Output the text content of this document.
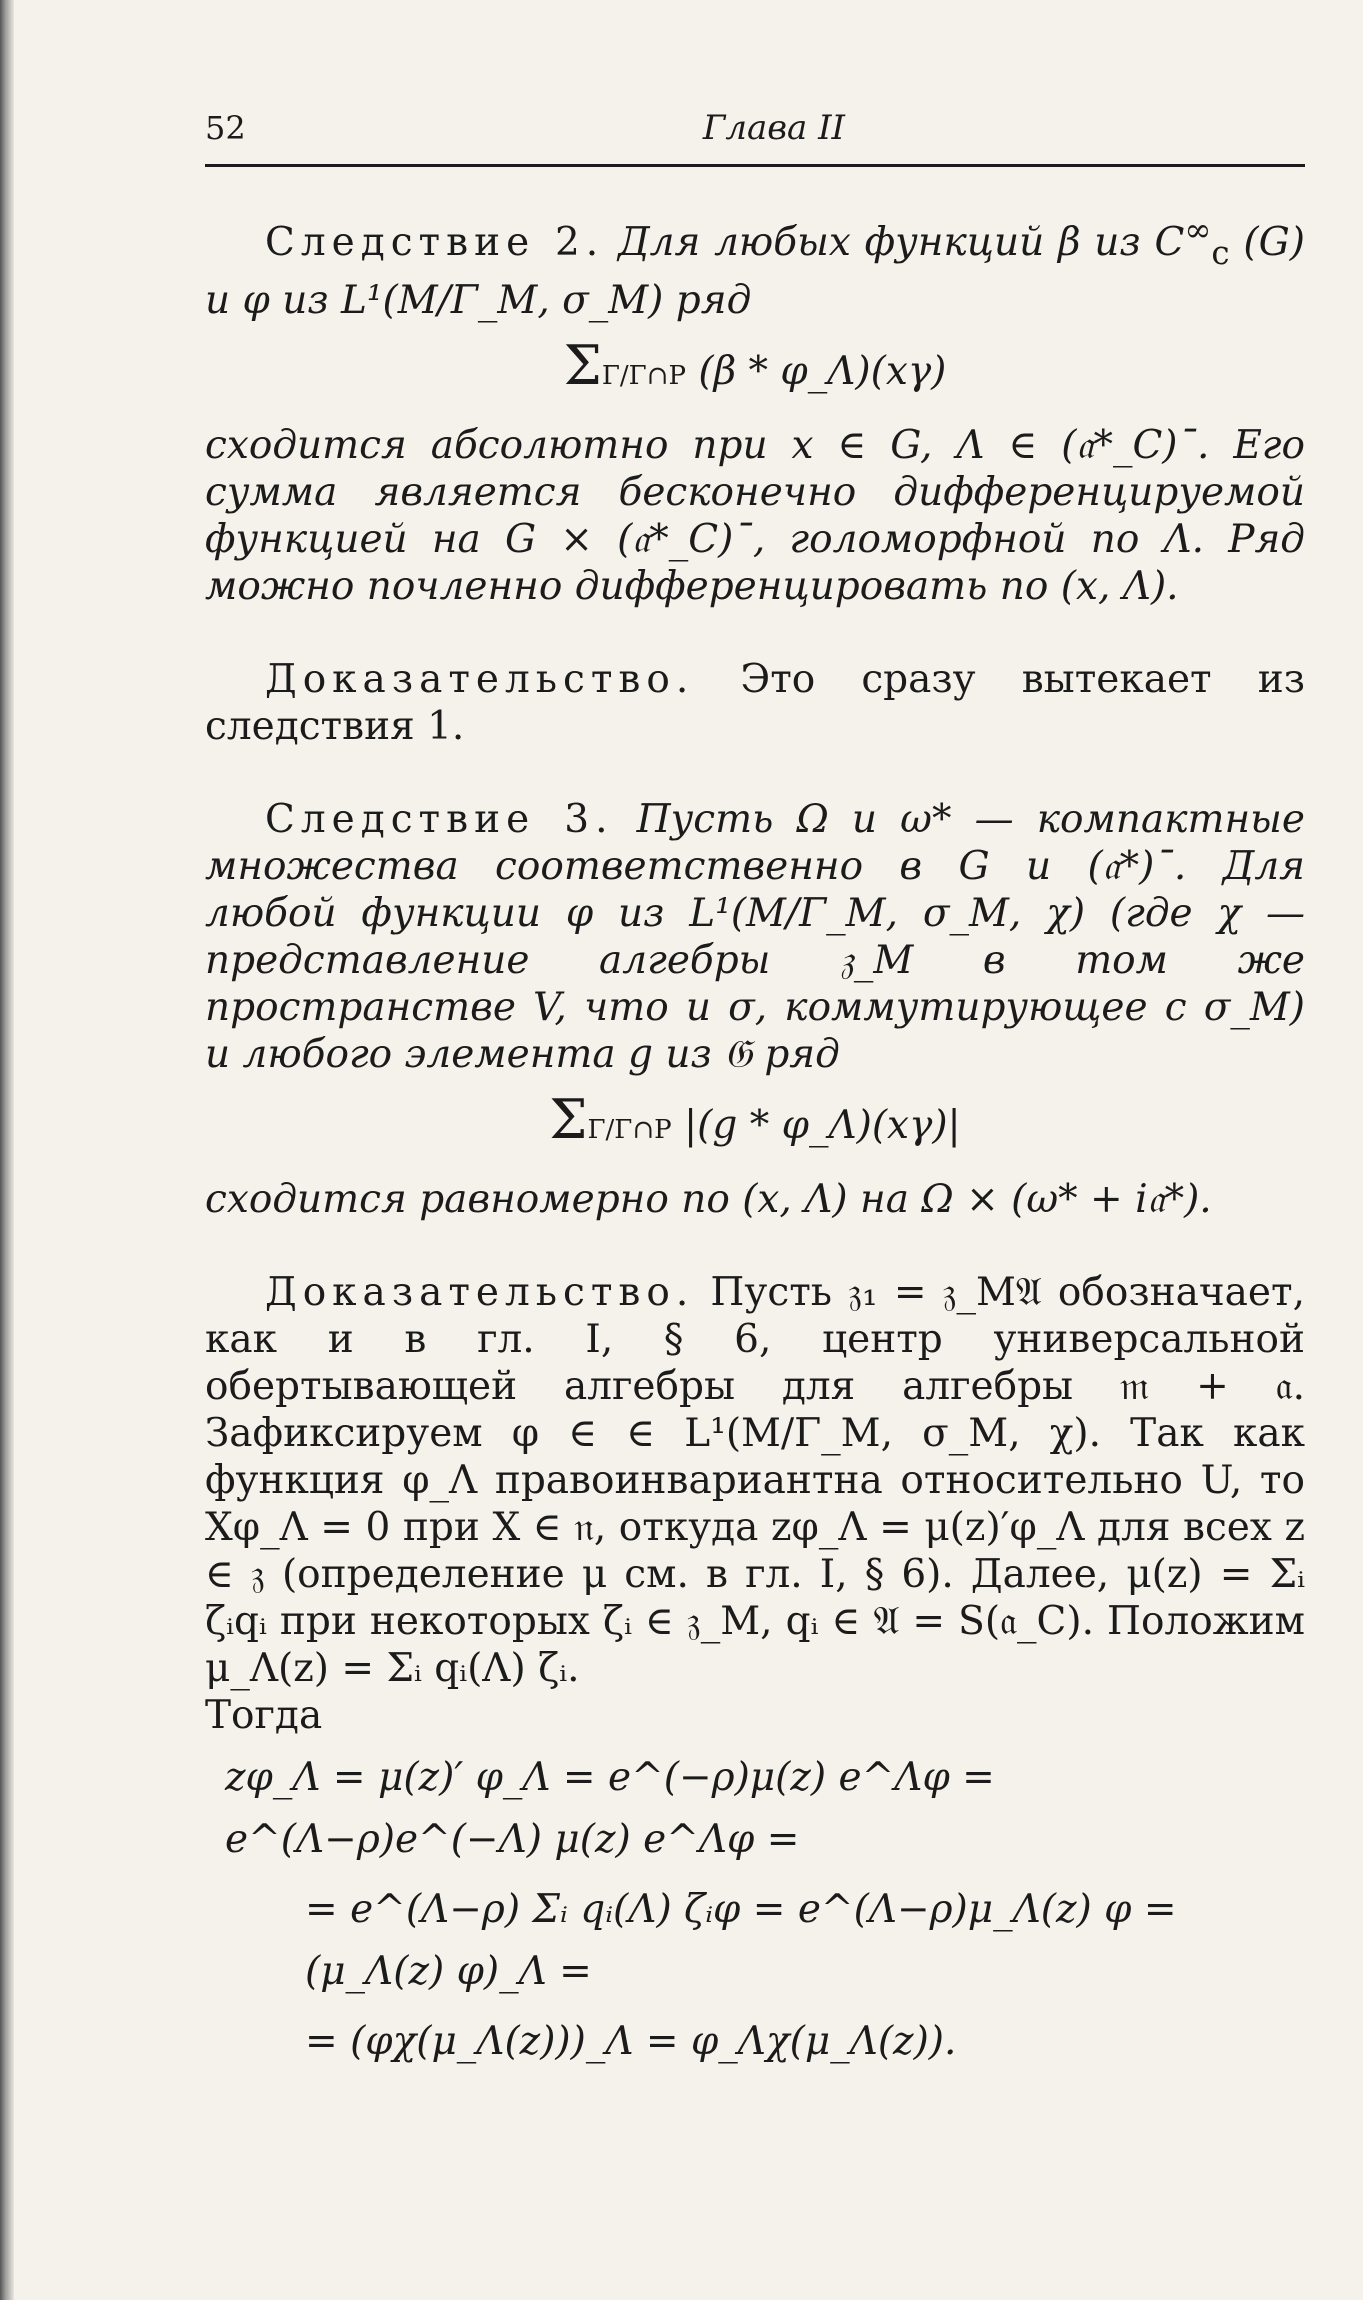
52	Глава II

Следствие 2. Для любых функций β из $C^\infty_c$ (G) и φ из L¹(M/Γ_M, σ_M) ряд

ΣΓ/Γ∩P (β * φ_Λ)(xγ)

сходится абсолютно при x ∈ G, Λ ∈ (𝔞*_C)¯. Его сумма является бесконечно дифференцируемой функцией на G × (𝔞*_C)¯, голоморфной по Λ. Ряд можно почленно дифференцировать по (x, Λ).

Доказательство. Это сразу вытекает из следствия 1.

Следствие 3. Пусть Ω и ω* — компактные множества соответственно в G и (𝔞*)¯. Для любой функции φ из L¹(M/Γ_M, σ_M, χ) (где χ — представление алгебры 𝔷_M в том же пространстве V, что и σ, коммутирующее с σ_M) и любого элемента g из 𝔊 ряд

ΣΓ/Γ∩P |(g * φ_Λ)(xγ)|

сходится равномерно по (x, Λ) на Ω × (ω* + i𝔞*).

Доказательство. Пусть 𝔷₁ = 𝔷_M𝔄 обозначает, как и в гл. I, § 6, центр универсальной обертывающей алгебры для алгебры 𝔪 + 𝔞. Зафиксируем φ ∈ ∈ L¹(M/Γ_M, σ_M, χ). Так как функция φ_Λ правоинвариантна относительно U, то Xφ_Λ = 0 при X ∈ 𝔫, откуда zφ_Λ = μ(z)′φ_Λ для всех z ∈ 𝔷 (определение μ см. в гл. I, § 6). Далее, μ(z) = Σᵢ ζᵢqᵢ при некоторых ζᵢ ∈ 𝔷_M, qᵢ ∈ 𝔄 = S(𝔞_C). Положим μ_Λ(z) = Σᵢ qᵢ(Λ) ζᵢ.

Тогда

zφ_Λ = μ(z)′ φ_Λ = e^(−ρ)μ(z) e^Λφ = e^(Λ−ρ)e^(−Λ) μ(z) e^Λφ =
= e^(Λ−ρ) Σᵢ qᵢ(Λ) ζᵢφ = e^(Λ−ρ)μ_Λ(z) φ = (μ_Λ(z) φ)_Λ =
= (φχ(μ_Λ(z)))_Λ = φ_Λχ(μ_Λ(z)).
